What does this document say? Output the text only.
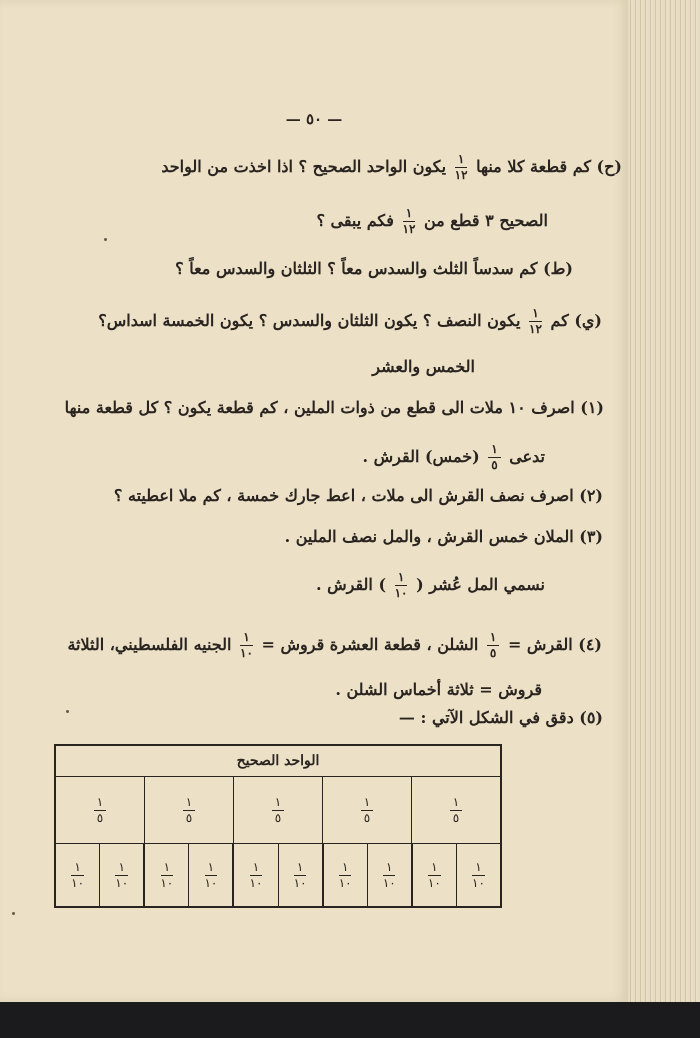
— ٥٠ —
(ح) كم قطعة كلا منها
$\frac{١}{١٢}$
يكون الواحد الصحيح ؟ اذا اخذت من الواحد
الصحيح ٣ قطع من
$\frac{١}{١٢}$
فكم يبقى ؟
(ط) كم سدساً الثلث والسدس معاً ؟ الثلثان والسدس معاً ؟
(ي) كم
$\frac{١}{١٢}$
يكون النصف ؟ يكون الثلثان والسدس ؟ يكون الخمسة اسداس؟
الخمس والعشر
(١) اصرف ١٠ ملات الى قطع من ذوات الملين ، كم قطعة يكون ؟ كل قطعة منها
تدعى
$\frac{١}{٥}$
(خمس) القرش .
(٢) اصرف نصف القرش الى ملات ، اعط جارك خمسة ، كم ملا اعطيته ؟
(٣) الملان خمس القرش ، والمل نصف الملين .
نسمي المل عُشر (
$\frac{١}{١٠}$
) القرش .
(٤) القرش =
$\frac{١}{٥}$
الشلن ، قطعة العشرة قروش =
$\frac{١}{١٠}$
الجنيه الفلسطيني، الثلاثة
قروش = ثلاثة أخماس الشلن .
(٥) دقق في الشكل الآتي : —
الواحد الصحيح
$\frac{١}{٥}$
$\frac{١}{٥}$
$\frac{١}{٥}$
$\frac{١}{٥}$
$\frac{١}{٥}$
$\frac{١}{١٠}$
$\frac{١}{١٠}$
$\frac{١}{١٠}$
$\frac{١}{١٠}$
$\frac{١}{١٠}$
$\frac{١}{١٠}$
$\frac{١}{١٠}$
$\frac{١}{١٠}$
$\frac{١}{١٠}$
$\frac{١}{١٠}$
